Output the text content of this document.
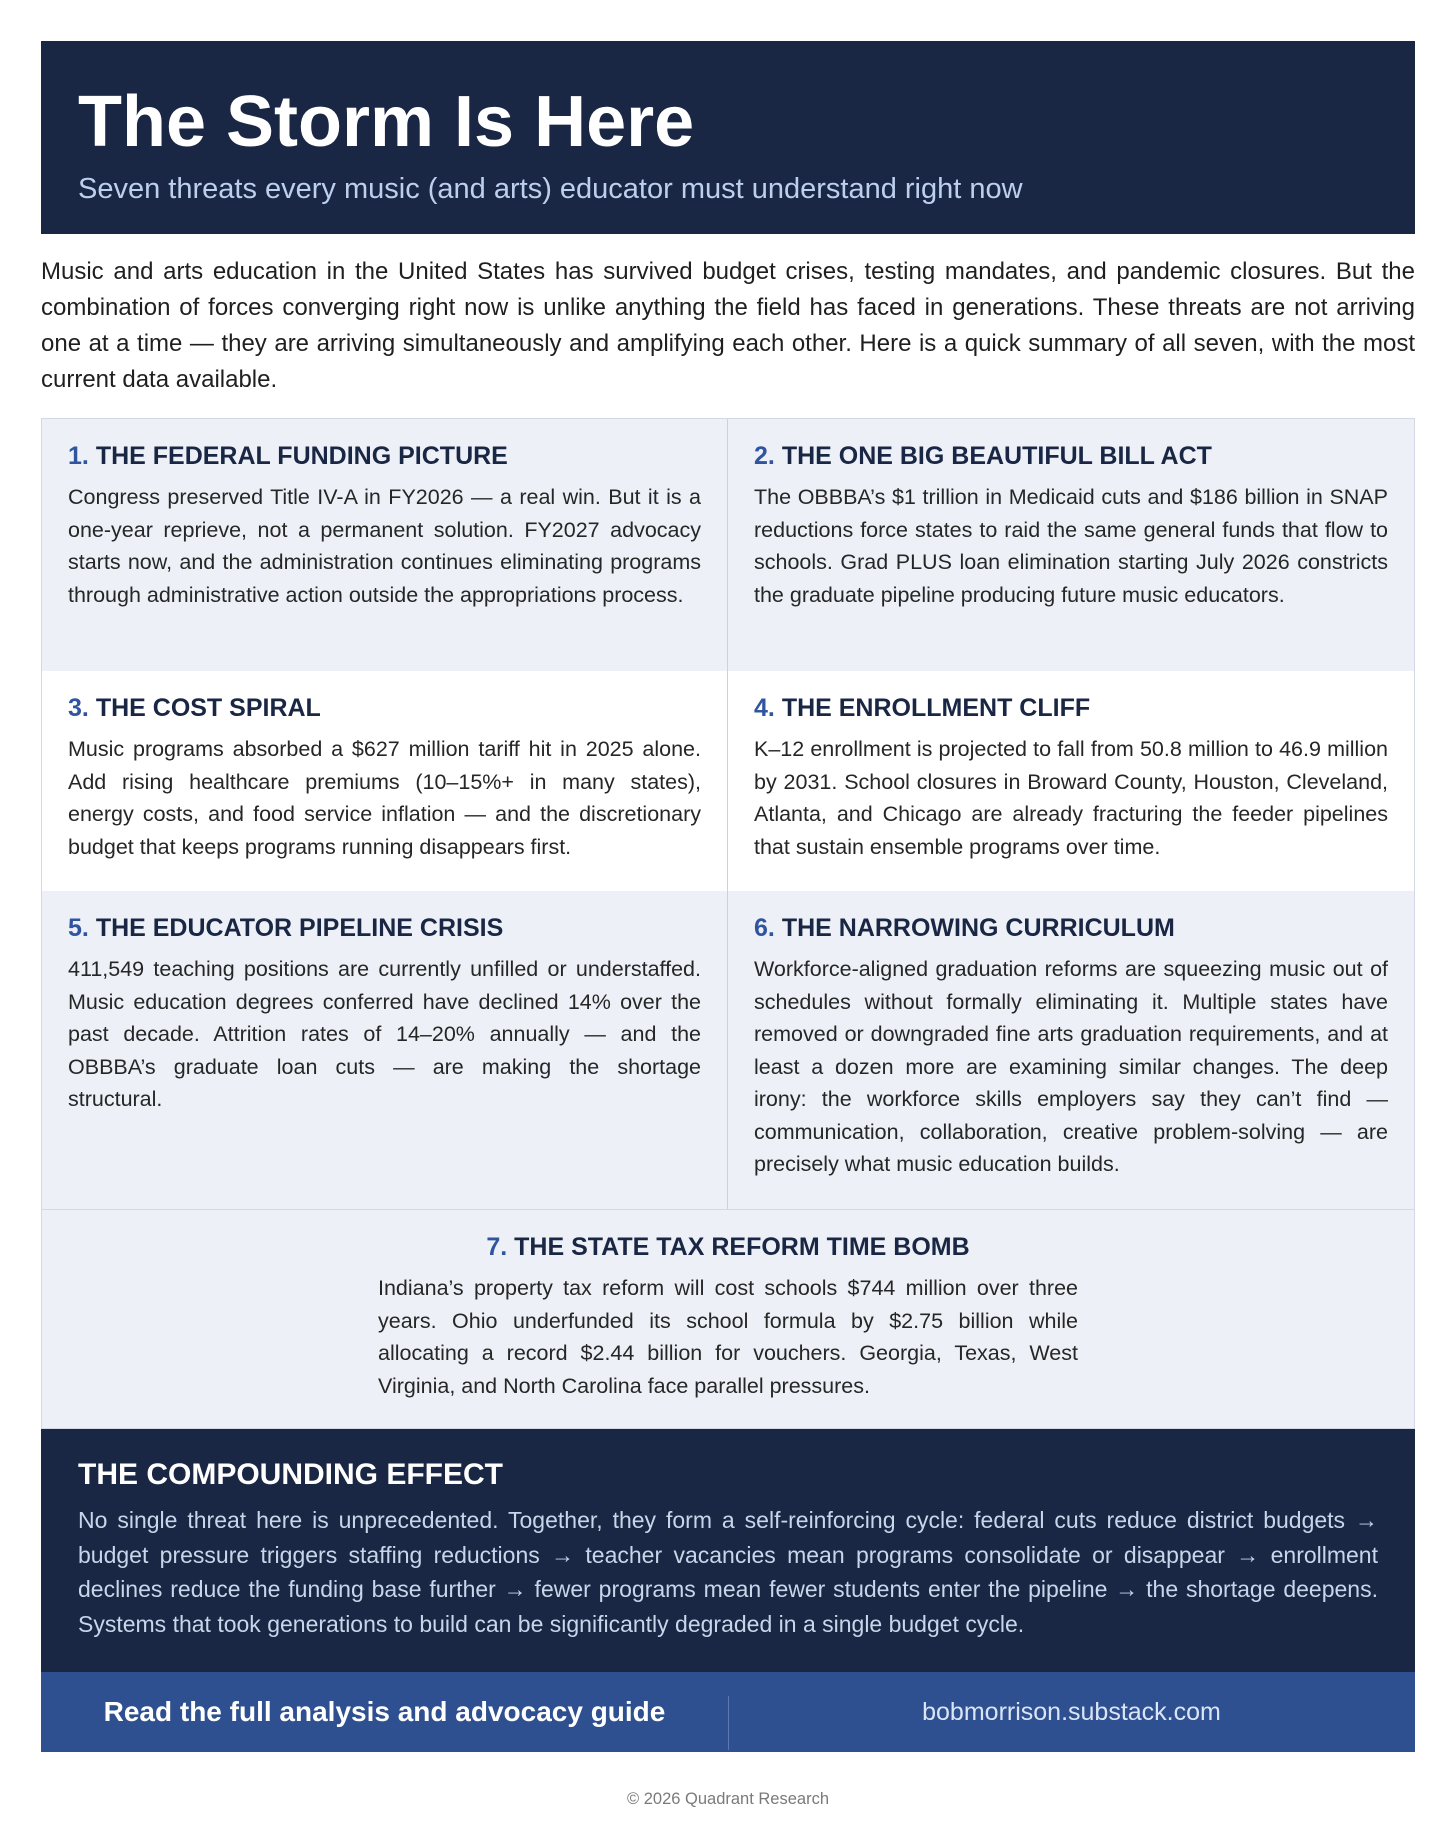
The Storm Is Here
Seven threats every music (and arts) educator must understand right now
Music and arts education in the United States has survived budget crises, testing mandates, and pandemic closures. But the combination of forces converging right now is unlike anything the field has faced in generations. These threats are not arriving one at a time — they are arriving simultaneously and amplifying each other. Here is a quick summary of all seven, with the most current data available.
1. THE FEDERAL FUNDING PICTURE
Congress preserved Title IV-A in FY2026 — a real win. But it is a one-year reprieve, not a permanent solution. FY2027 advocacy starts now, and the administration continues eliminating programs through administrative action outside the appropriations process.
2. THE ONE BIG BEAUTIFUL BILL ACT
The OBBBA’s $1 trillion in Medicaid cuts and $186 billion in SNAP reductions force states to raid the same general funds that flow to schools. Grad PLUS loan elimination starting July 2026 constricts the graduate pipeline producing future music educators.
3. THE COST SPIRAL
Music programs absorbed a $627 million tariff hit in 2025 alone. Add rising healthcare premiums (10–15%+ in many states), energy costs, and food service inflation — and the discretionary budget that keeps programs running disappears first.
4. THE ENROLLMENT CLIFF
K–12 enrollment is projected to fall from 50.8 million to 46.9 million by 2031. School closures in Broward County, Houston, Cleveland, Atlanta, and Chicago are already fracturing the feeder pipelines that sustain ensemble programs over time.
5. THE EDUCATOR PIPELINE CRISIS
411,549 teaching positions are currently unfilled or understaffed. Music education degrees conferred have declined 14% over the past decade. Attrition rates of 14–20% annually — and the OBBBA’s graduate loan cuts — are making the shortage structural.
6. THE NARROWING CURRICULUM
Workforce-aligned graduation reforms are squeezing music out of schedules without formally eliminating it. Multiple states have removed or downgraded fine arts graduation requirements, and at least a dozen more are examining similar changes. The deep irony: the workforce skills employers say they can’t find — communication, collaboration, creative problem-solving — are precisely what music education builds.
7. THE STATE TAX REFORM TIME BOMB
Indiana’s property tax reform will cost schools $744 million over three years. Ohio underfunded its school formula by $2.75 billion while allocating a record $2.44 billion for vouchers. Georgia, Texas, West Virginia, and North Carolina face parallel pressures.
THE COMPOUNDING EFFECT
No single threat here is unprecedented. Together, they form a self-reinforcing cycle: federal cuts reduce district budgets → budget pressure triggers staffing reductions → teacher vacancies mean programs consolidate or disappear → enrollment declines reduce the funding base further → fewer programs mean fewer students enter the pipeline → the shortage deepens. Systems that took generations to build can be significantly degraded in a single budget cycle.
Read the full analysis and advocacy guide	bobmorrison.substack.com
© 2026 Quadrant Research
